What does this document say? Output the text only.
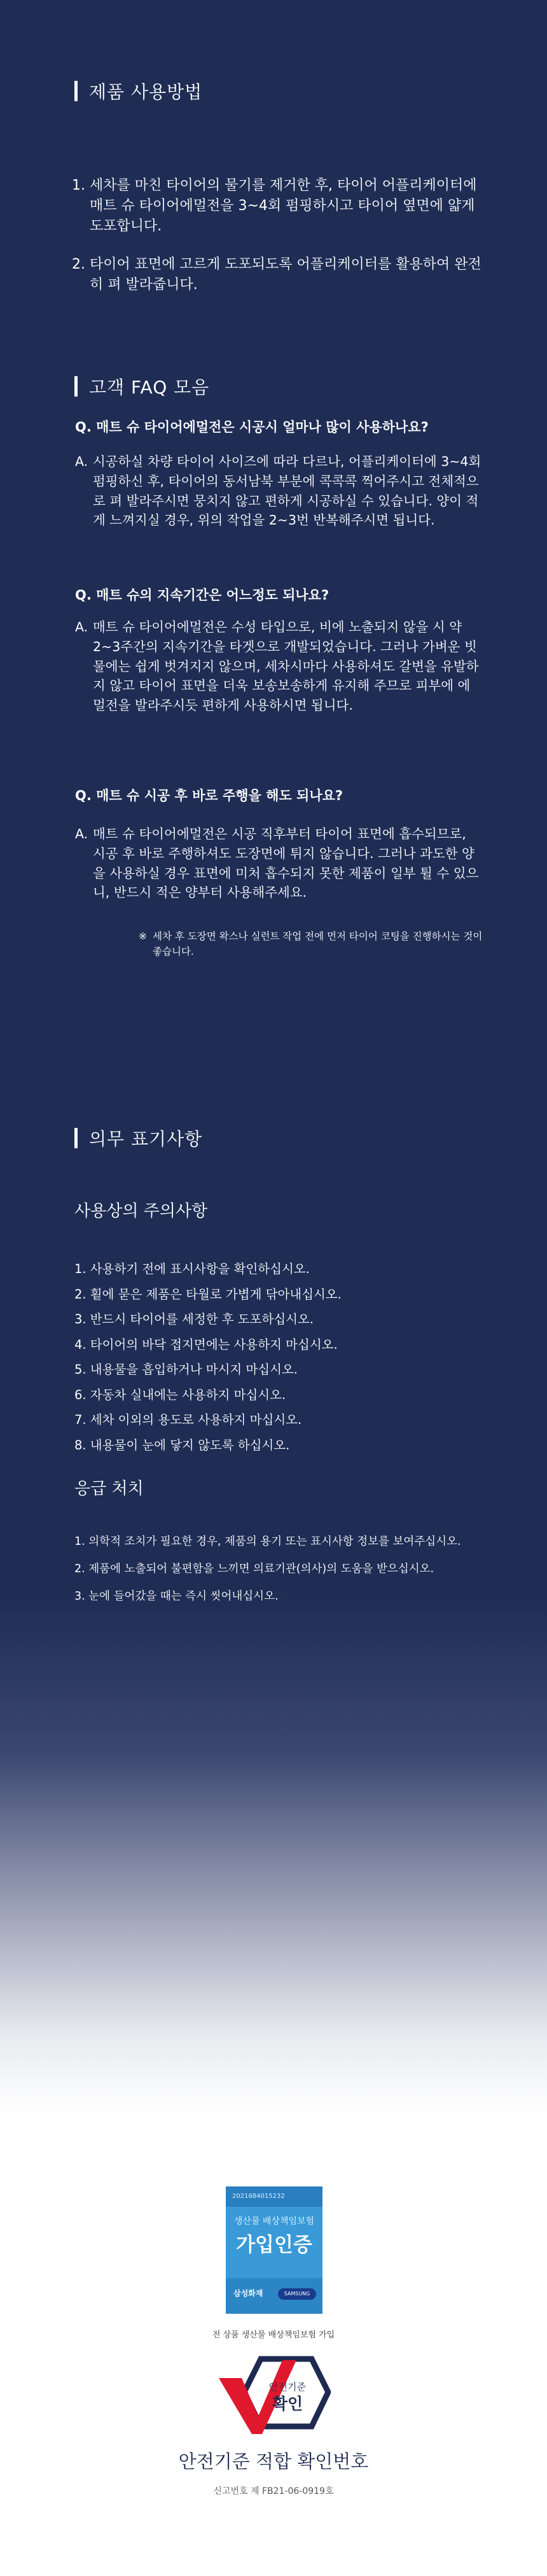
제품 사용방법
1. 세차를 마친 타이어의 물기를 제거한 후, 타이어 어플리케이터에 매트 슈 타이어에멀전을 3~4회 펌핑하시고 타이어 옆면에 얇게 도포합니다.
2. 타이어 표면에 고르게 도포되도록 어플리케이터를 활용하여 완전히 펴 발라줍니다.
고객 FAQ 모음
Q. 매트 슈 타이어에멀전은 시공시 얼마나 많이 사용하나요?
A. 시공하실 차량 타이어 사이즈에 따라 다르나, 어플리케이터에 3~4회 펌핑하신 후, 타이어의 동서남북 부분에 콕콕콕 찍어주시고 전체적으로 펴 발라주시면 뭉치지 않고 편하게 시공하실 수 있습니다. 양이 적게 느껴지실 경우, 위의 작업을 2~3번 반복해주시면 됩니다.
Q. 매트 슈의 지속기간은 어느정도 되나요?
A. 매트 슈 타이어에멀전은 수성 타입으로, 비에 노출되지 않을 시 약 2~3주간의 지속기간을 타겟으로 개발되었습니다. 그러나 가벼운 빗물에는 쉽게 벗겨지지 않으며, 세차시마다 사용하셔도 갈변을 유발하지 않고 타이어 표면을 더욱 보송보송하게 유지해 주므로 피부에 에멀전을 발라주시듯 편하게 사용하시면 됩니다.
Q. 매트 슈 시공 후 바로 주행을 해도 되나요?
A. 매트 슈 타이어에멀전은 시공 직후부터 타이어 표면에 흡수되므로, 시공 후 바로 주행하셔도 도장면에 튀지 않습니다. 그러나 과도한 양을 사용하실 경우 표면에 미처 흡수되지 못한 제품이 일부 튈 수 있으니, 반드시 적은 양부터 사용해주세요.
※ 세차 후 도장면 왁스나 실런트 작업 전에 먼저 타이어 코팅을 진행하시는 것이 좋습니다.
의무 표기사항
사용상의 주의사항
1. 사용하기 전에 표시사항을 확인하십시오.
2. 횥에 묻은 제품은 타월로 가볍게 닦아내십시오.
3. 반드시 타이어를 세정한 후 도포하십시오.
4. 타이어의 바닥 접지면에는 사용하지 마십시오.
5. 내용물을 흡입하거나 마시지 마십시오.
6. 자동차 실내에는 사용하지 마십시오.
7. 세차 이외의 용도로 사용하지 마십시오.
8. 내용물이 눈에 닿지 않도록 하십시오.
응급 처치
1. 의학적 조치가 필요한 경우, 제품의 용기 또는 표시사항 정보를 보여주십시오.
2. 제품에 노출되어 불편함을 느끼면 의료기관(의사)의 도움을 받으십시오.
3. 눈에 들어갔을 때는 즉시 씻어내십시오.
2021684015232
생산물 배상책임보험
가입인증
삼성화재	SAMSUNG
전 상품 생산물 배상책임보험 가입
안전기준
확인
안전기준 적합 확인번호
신고번호 제 FB21-06-0919호
